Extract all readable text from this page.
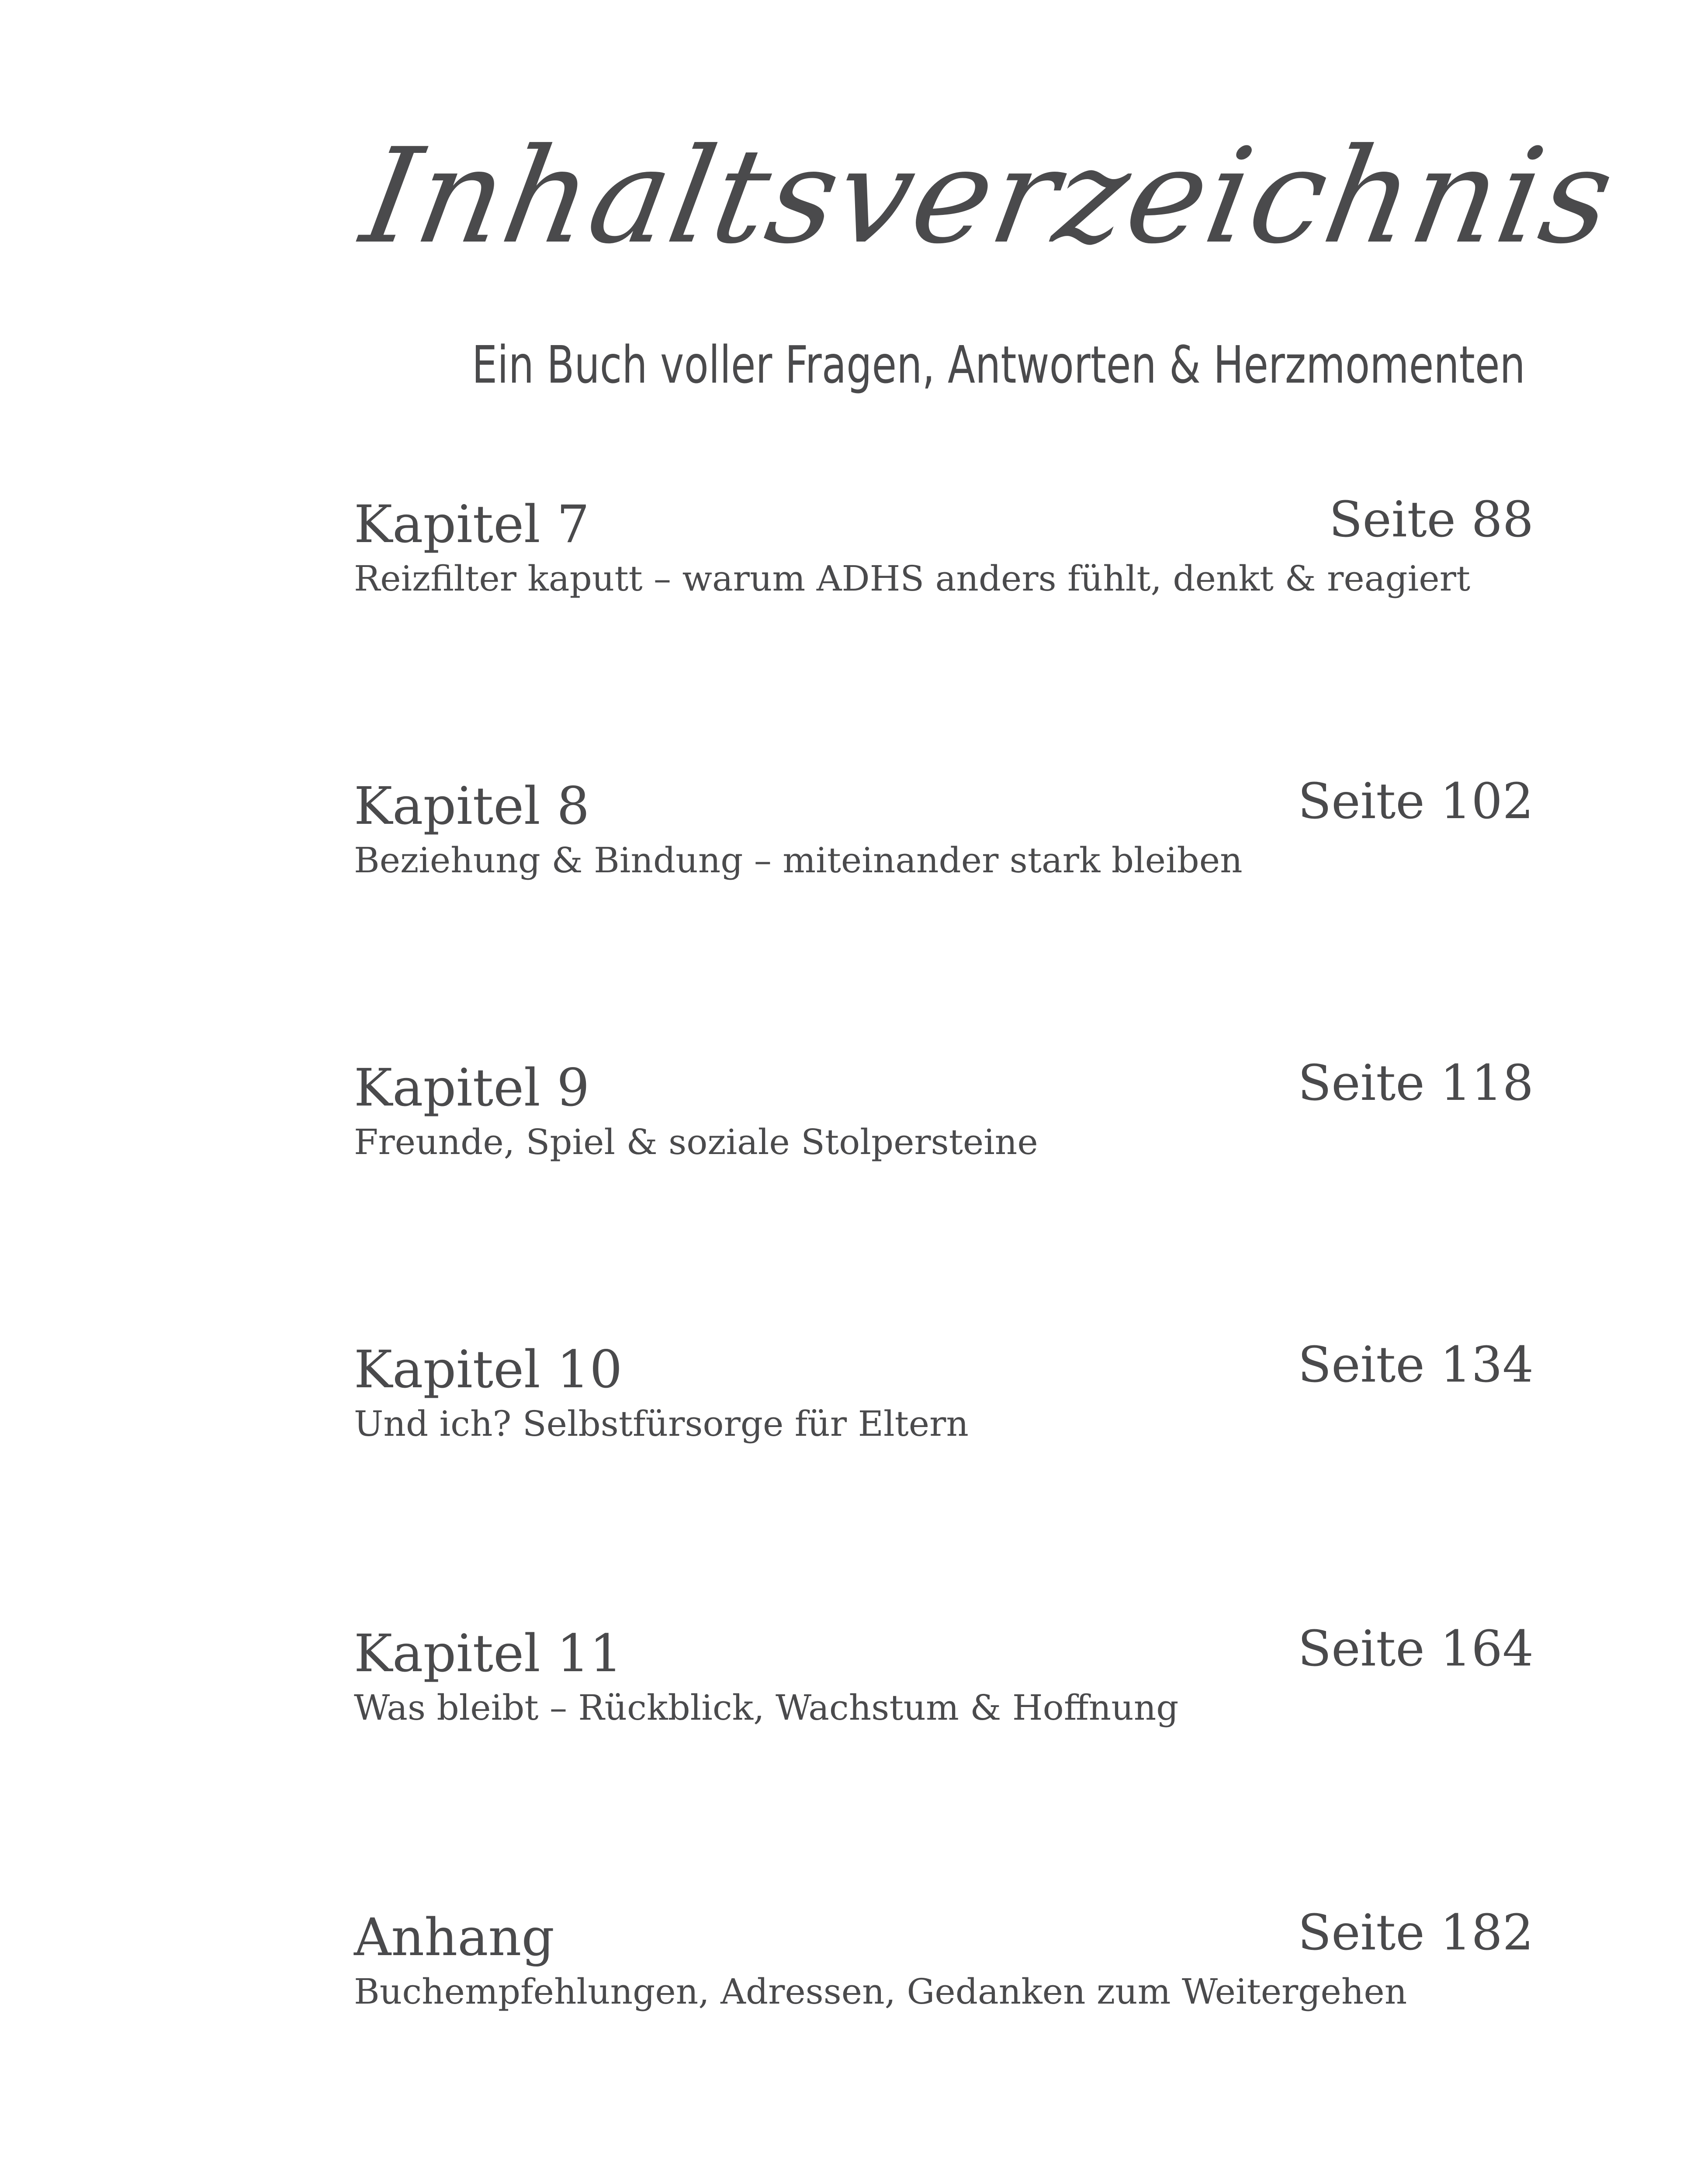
Inhaltsverzeichnis
Ein Buch voller Fragen, Antworten & Herzmomenten
Kapitel 7	Seite 88
Reizfilter kaputt – warum ADHS anders fühlt, denkt & reagiert
Kapitel 8	Seite 102
Beziehung & Bindung – miteinander stark bleiben
Kapitel 9	Seite 118
Freunde, Spiel & soziale Stolpersteine
Kapitel 10	Seite 134
Und ich? Selbstfürsorge für Eltern
Kapitel 11	Seite 164
Was bleibt – Rückblick, Wachstum & Hoffnung
Anhang	Seite 182
Buchempfehlungen, Adressen, Gedanken zum Weitergehen
